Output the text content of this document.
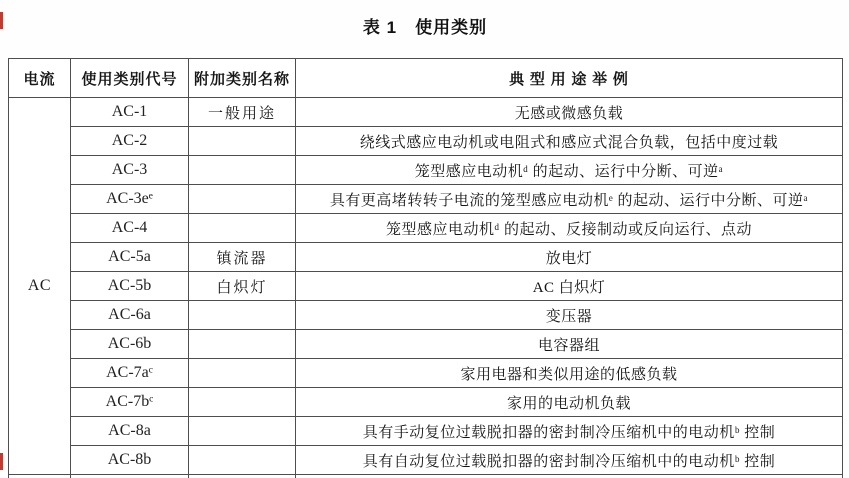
表 1　使用类别
电流	使用类别代号	附加类别名称	典 型 用 途 举 例
AC	AC-1	一般用途	无感或微感负载
	AC-2		绕线式感应电动机或电阻式和感应式混合负载，包括中度过载
	AC-3		笼型感应电动机ᵈ 的起动、运行中分断、可逆ᵃ
	AC-3eᵉ		具有更高堵转转子电流的笼型感应电动机ᵉ 的起动、运行中分断、可逆ᵃ
	AC-4		笼型感应电动机ᵈ 的起动、反接制动或反向运行、点动
	AC-5a	镇流器	放电灯
	AC-5b	白炽灯	AC 白炽灯
	AC-6a		变压器
	AC-6b		电容器组
	AC-7aᶜ		家用电器和类似用途的低感负载
	AC-7bᶜ		家用的电动机负载
	AC-8a		具有手动复位过载脱扣器的密封制冷压缩机中的电动机ᵇ 控制
	AC-8b		具有自动复位过载脱扣器的密封制冷压缩机中的电动机ᵇ 控制
